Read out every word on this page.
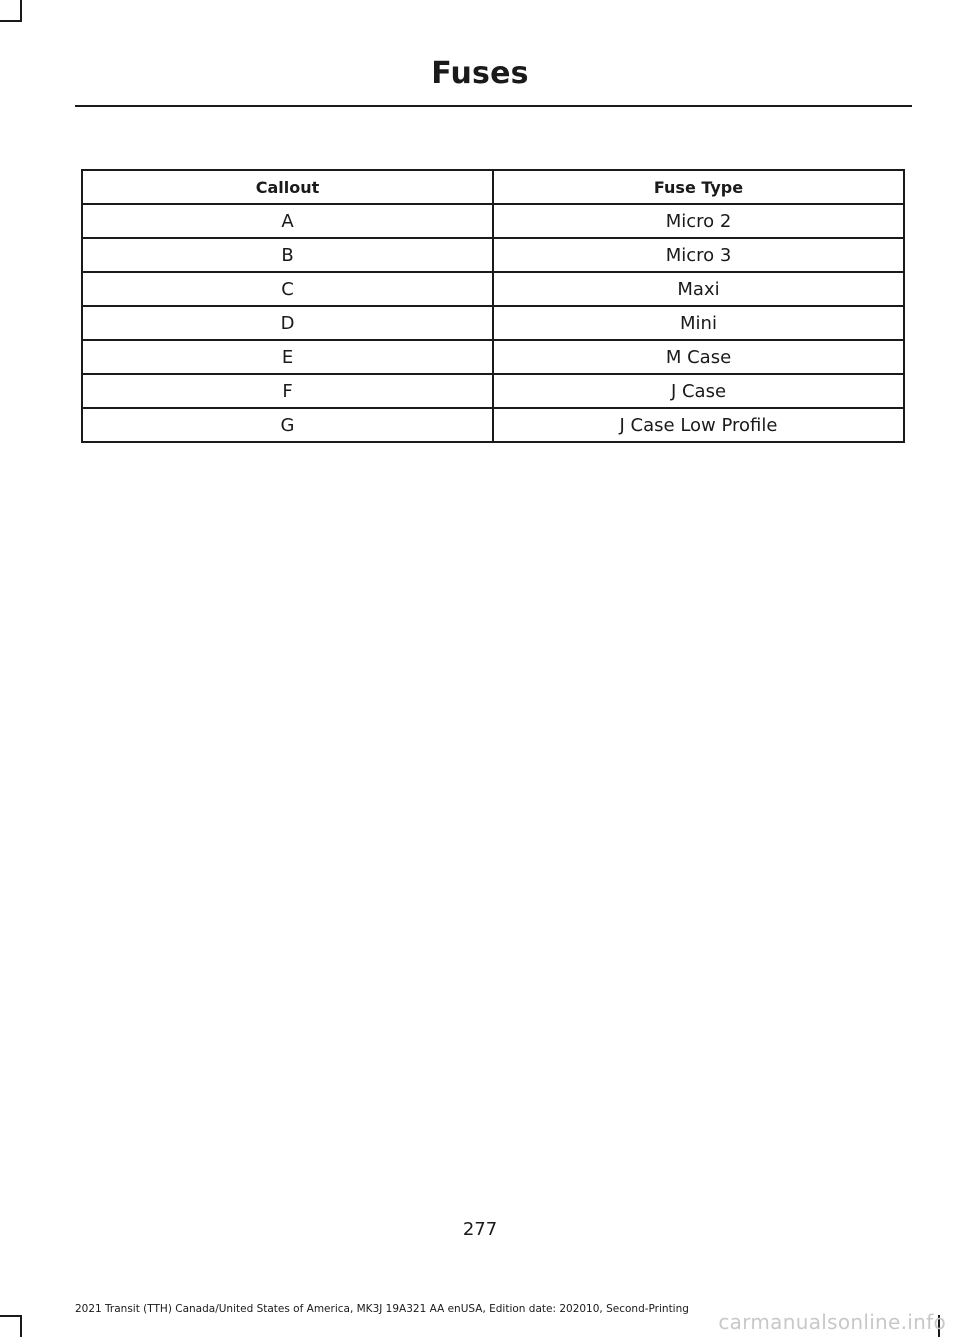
Fuses
Callout	Fuse Type
A	Micro 2
B	Micro 3
C	Maxi
D	Mini
E	M Case
F	J Case
G	J Case Low Profile
277
2021 Transit (TTH) Canada/United States of America, MK3J 19A321 AA enUSA, Edition date: 202010, Second-Printing
carmanualsonline.info
